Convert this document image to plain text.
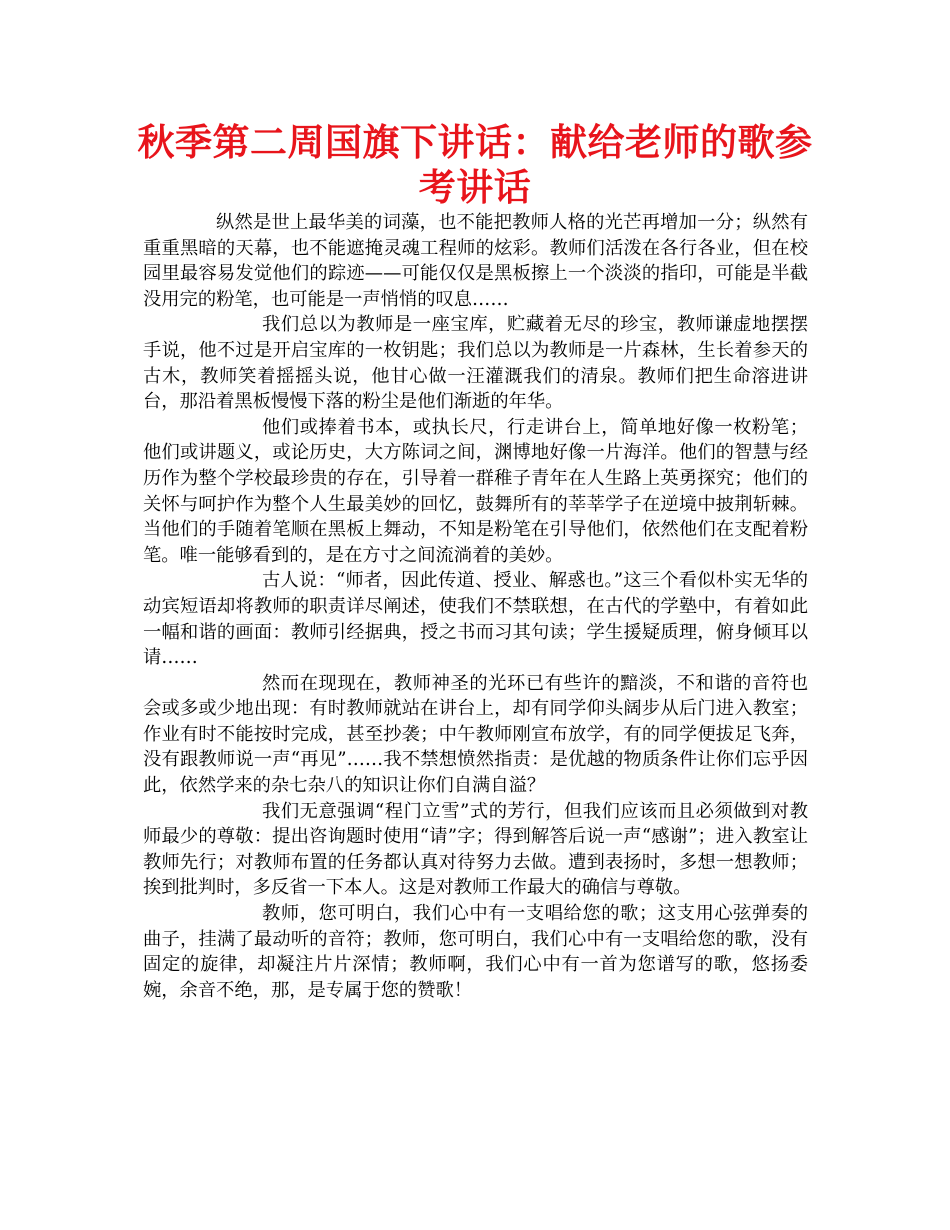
秋季第二周国旗下讲话：献给老师的歌参考讲话

纵然是世上最华美的词藻，也不能把教师人格的光芒再增加一分；纵然有重重黑暗的天幕，也不能遮掩灵魂工程师的炫彩。教师们活泼在各行各业，但在校园里最容易发觉他们的踪迹——可能仅仅是黑板擦上一个淡淡的指印，可能是半截没用完的粉笔，也可能是一声悄悄的叹息……

我们总以为教师是一座宝库，贮藏着无尽的珍宝，教师谦虚地摆摆手说，他不过是开启宝库的一枚钥匙；我们总以为教师是一片森林，生长着参天的古木，教师笑着摇摇头说，他甘心做一汪灌溉我们的清泉。教师们把生命溶进讲台，那沿着黑板慢慢下落的粉尘是他们渐逝的年华。

他们或捧着书本，或执长尺，行走讲台上，简单地好像一枚粉笔；他们或讲题义，或论历史，大方陈词之间，渊博地好像一片海洋。他们的智慧与经历作为整个学校最珍贵的存在，引导着一群稚子青年在人生路上英勇探究；他们的关怀与呵护作为整个人生最美妙的回忆，鼓舞所有的莘莘学子在逆境中披荆斩棘。当他们的手随着笔顺在黑板上舞动，不知是粉笔在引导他们，依然他们在支配着粉笔。唯一能够看到的，是在方寸之间流淌着的美妙。

古人说：“师者，因此传道、授业、解惑也。”这三个看似朴实无华的动宾短语却将教师的职责详尽阐述，使我们不禁联想，在古代的学塾中，有着如此一幅和谐的画面：教师引经据典，授之书而习其句读；学生援疑质理，俯身倾耳以请……

然而在现现在，教师神圣的光环已有些许的黯淡，不和谐的音符也会或多或少地出现：有时教师就站在讲台上，却有同学仰头阔步从后门进入教室；作业有时不能按时完成，甚至抄袭；中午教师刚宣布放学，有的同学便拔足飞奔，没有跟教师说一声“再见”……我不禁想愤然指责：是优越的物质条件让你们忘乎因此，依然学来的杂七杂八的知识让你们自满自溢？

我们无意强调“程门立雪”式的芳行，但我们应该而且必须做到对教师最少的尊敬：提出咨询题时使用“请”字；得到解答后说一声“感谢”；进入教室让教师先行；对教师布置的任务都认真对待努力去做。遭到表扬时，多想一想教师；挨到批判时，多反省一下本人。这是对教师工作最大的确信与尊敬。

教师，您可明白，我们心中有一支唱给您的歌；这支用心弦弹奏的曲子，挂满了最动听的音符；教师，您可明白，我们心中有一支唱给您的歌，没有固定的旋律，却凝注片片深情；教师啊，我们心中有一首为您谱写的歌，悠扬委婉，余音不绝，那，是专属于您的赞歌！
